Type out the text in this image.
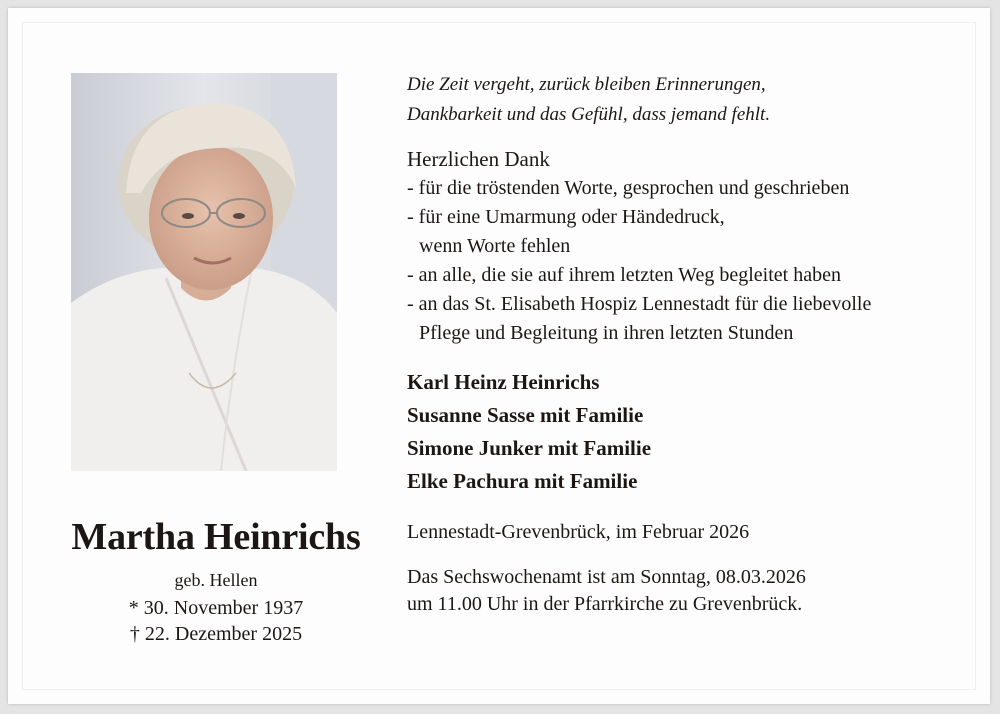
Martha Heinrichs
geb. Hellen
* 30. November 1937
† 22. Dezember 2025
Die Zeit vergeht, zurück bleiben Erinnerungen,
Dankbarkeit und das Gefühl, dass jemand fehlt.
Herzlichen Dank
- für die tröstenden Worte, gesprochen und geschrieben
- für eine Umarmung oder Händedruck,
wenn Worte fehlen
- an alle, die sie auf ihrem letzten Weg begleitet haben
- an das St. Elisabeth Hospiz Lennestadt für die liebevolle
Pflege und Begleitung in ihren letzten Stunden
Karl Heinz Heinrichs
Susanne Sasse mit Familie
Simone Junker mit Familie
Elke Pachura mit Familie
Lennestadt-Grevenbrück, im Februar 2026
Das Sechswochenamt ist am Sonntag, 08.03.2026
um 11.00 Uhr in der Pfarrkirche zu Grevenbrück.
